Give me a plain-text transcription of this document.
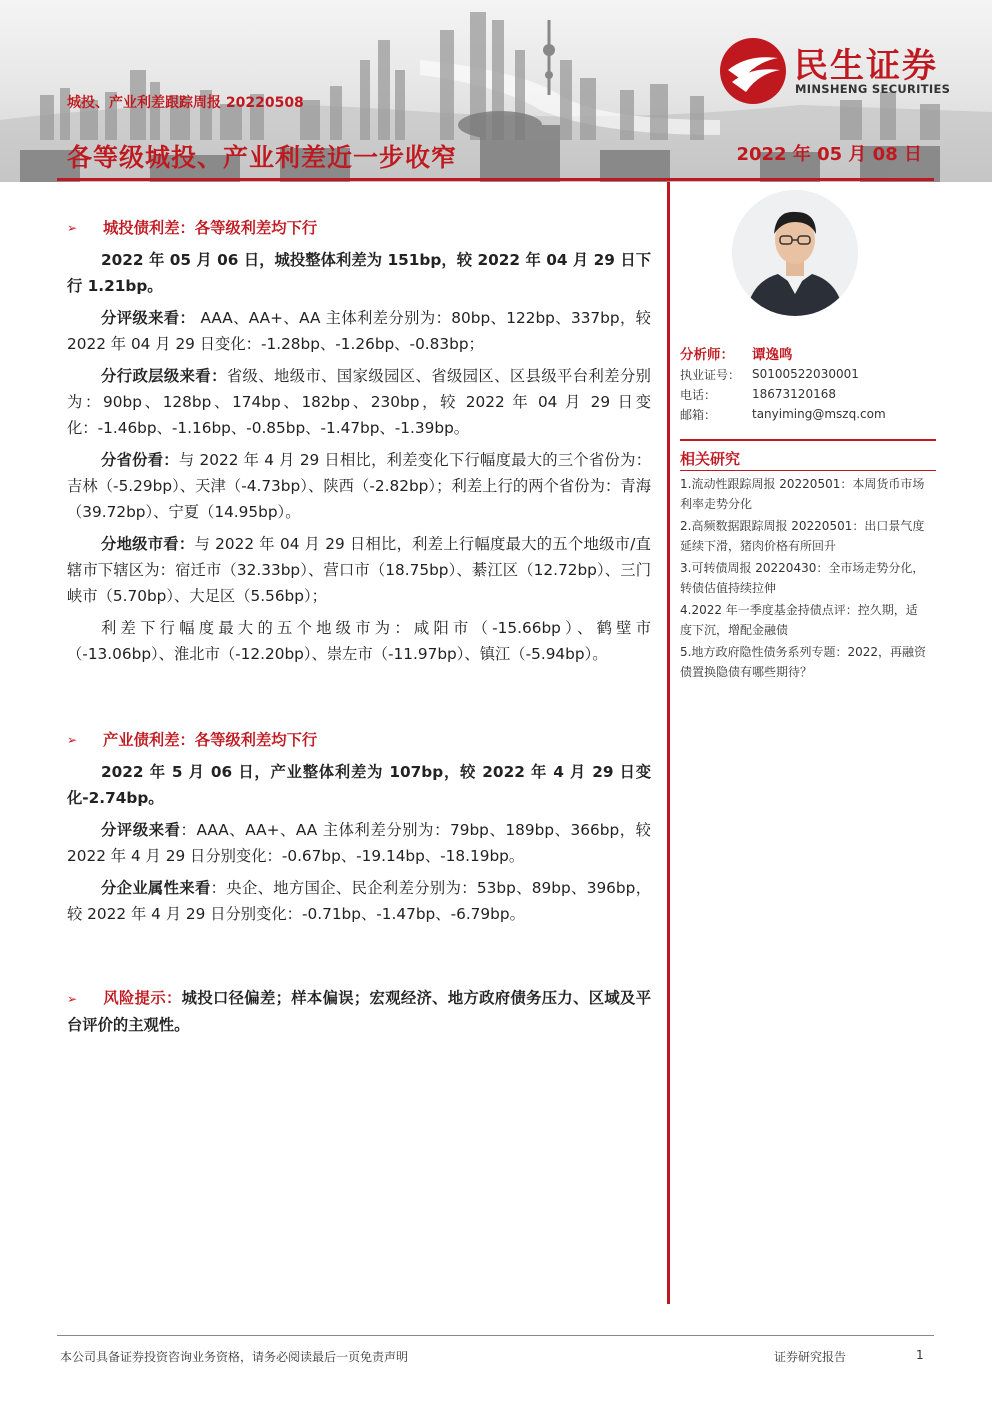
民生证券
MINSHENG SECURITIES
城投、产业利差跟踪周报 20220508
各等级城投、产业利差近一步收窄	2022 年 05 月 08 日
➢	城投债利差：各等级利差均下行
2022 年 05 月 06 日，城投整体利差为 151bp，较 2022 年 04 月 29 日下行 1.21bp。
分评级来看： AAA、AA+、AA 主体利差分别为：80bp、122bp、337bp，较 2022 年 04 月 29 日变化：-1.28bp、-1.26bp、-0.83bp；
分行政层级来看：省级、地级市、国家级园区、省级园区、区县级平台利差分别为：90bp、128bp、174bp、182bp、230bp，较 2022 年 04 月 29 日变化：-1.46bp、-1.16bp、-0.85bp、-1.47bp、-1.39bp。
分省份看：与 2022 年 4 月 29 日相比，利差变化下行幅度最大的三个省份为：吉林（-5.29bp）、天津（-4.73bp）、陕西（-2.82bp）；利差上行的两个省份为：青海（39.72bp）、宁夏（14.95bp）。
分地级市看：与 2022 年 04 月 29 日相比，利差上行幅度最大的五个地级市/直辖市下辖区为：宿迁市（32.33bp）、营口市（18.75bp）、綦江区（12.72bp）、三门峡市（5.70bp）、大足区（5.56bp）；
利差下行幅度最大的五个地级市为：咸阳市（-15.66bp）、鹤壁市（-13.06bp）、淮北市（-12.20bp）、崇左市（-11.97bp）、镇江（-5.94bp）。
➢	产业债利差：各等级利差均下行
2022 年 5 月 06 日，产业整体利差为 107bp，较 2022 年 4 月 29 日变化-2.74bp。
分评级来看：AAA、AA+、AA 主体利差分别为：79bp、189bp、366bp，较 2022 年 4 月 29 日分别变化：-0.67bp、-19.14bp、-18.19bp。
分企业属性来看：央企、地方国企、民企利差分别为：53bp、89bp、396bp，较 2022 年 4 月 29 日分别变化：-0.71bp、-1.47bp、-6.79bp。
➢ 风险提示：城投口径偏差；样本偏误；宏观经济、地方政府债务压力、区域及平台评价的主观性。
分析师：	谭逸鸣
执业证号： S0100522030001
电话：	18673120168
邮箱：	tanyiming@mszq.com
相关研究
1.流动性跟踪周报 20220501：本周货币市场利率走势分化
2.高频数据跟踪周报 20220501：出口景气度延续下滑，猪肉价格有所回升
3.可转债周报 20220430：全市场走势分化，转债估值持续拉伸
4.2022 年一季度基金持债点评：控久期，适度下沉，增配金融债
5.地方政府隐性债务系列专题：2022，再融资债置换隐债有哪些期待？
本公司具备证券投资咨询业务资格，请务必阅读最后一页免责声明	证券研究报告	1
